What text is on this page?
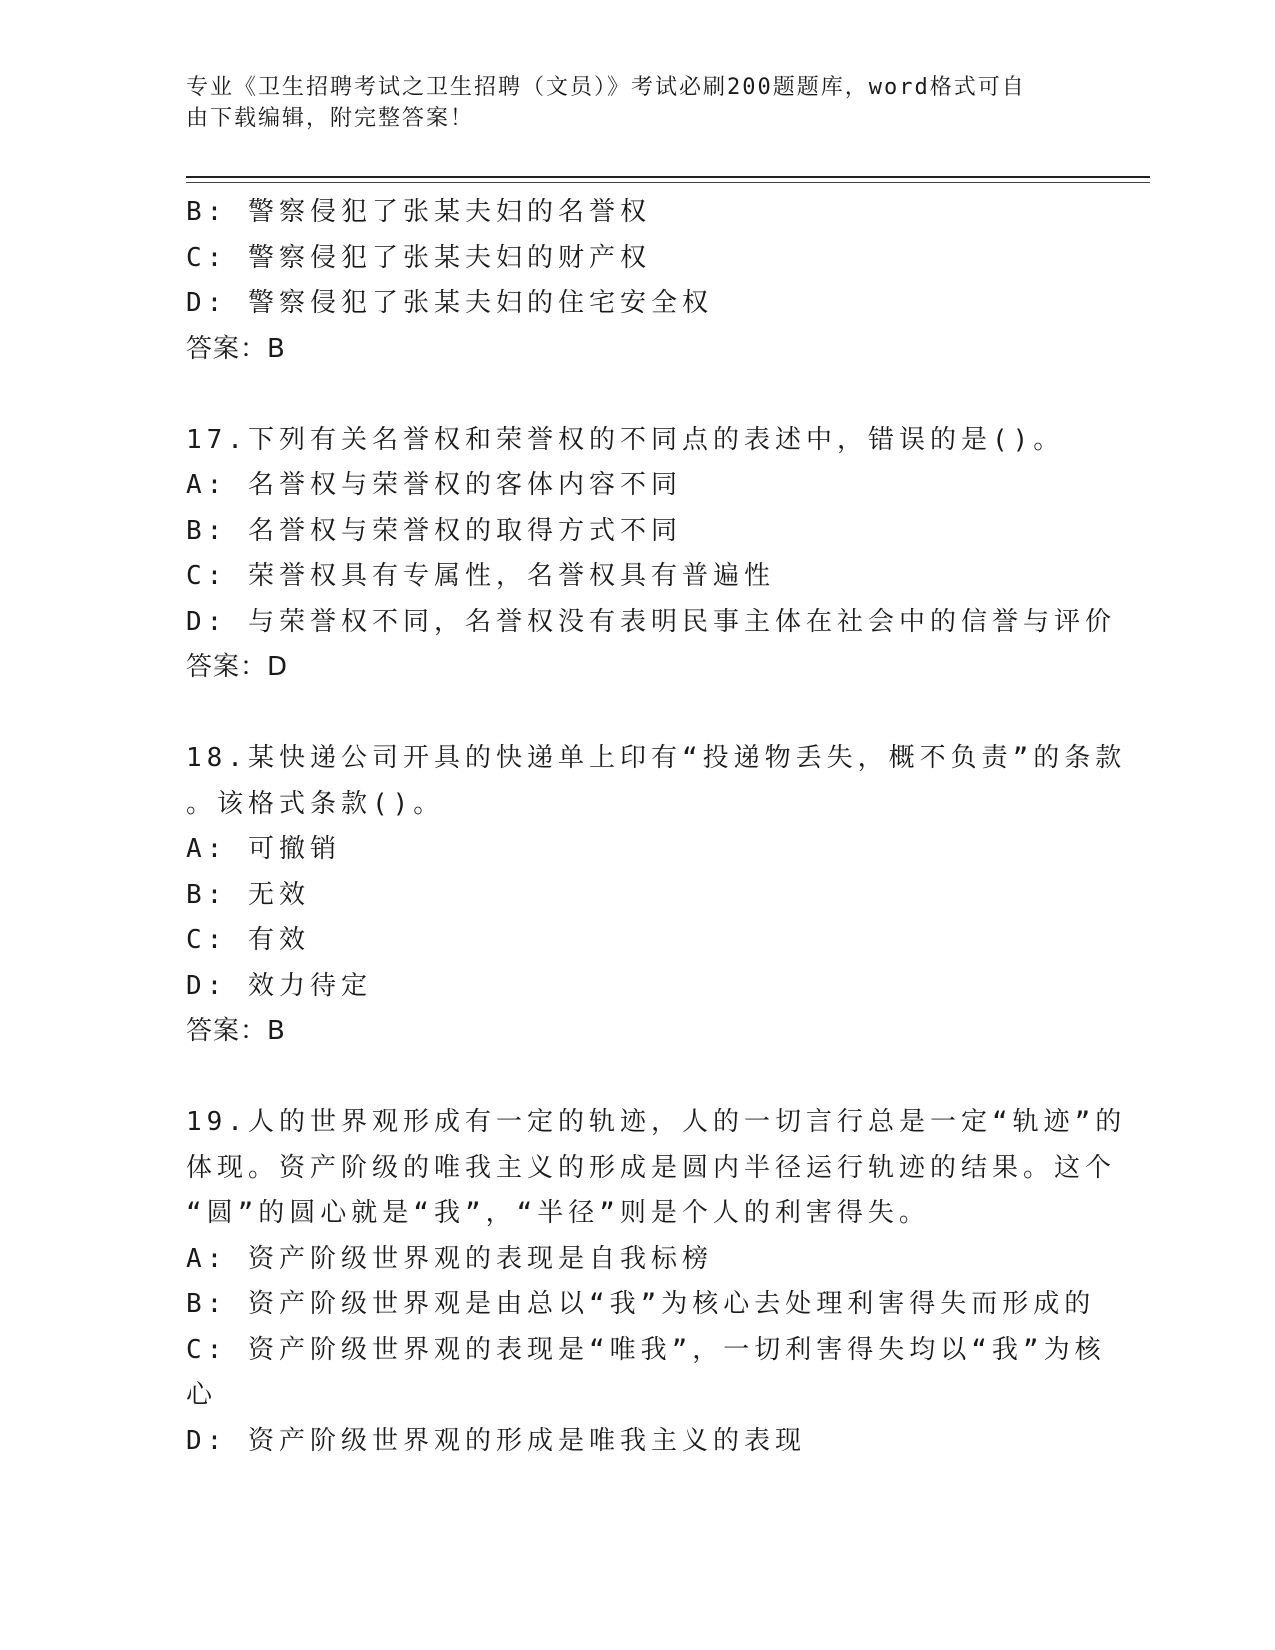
专业《卫生招聘考试之卫生招聘（文员）》考试必刷200题题库，word格式可自
由下载编辑，附完整答案！
B: 警察侵犯了张某夫妇的名誉权
C: 警察侵犯了张某夫妇的财产权
D: 警察侵犯了张某夫妇的住宅安全权
答案：B
17.下列有关名誉权和荣誉权的不同点的表述中，错误的是()。
A: 名誉权与荣誉权的客体内容不同
B: 名誉权与荣誉权的取得方式不同
C: 荣誉权具有专属性，名誉权具有普遍性
D: 与荣誉权不同，名誉权没有表明民事主体在社会中的信誉与评价
答案：D
18.某快递公司开具的快递单上印有“投递物丢失，概不负责”的条款
。该格式条款()。
A: 可撤销
B: 无效
C: 有效
D: 效力待定
答案：B
19.人的世界观形成有一定的轨迹，人的一切言行总是一定“轨迹”的
体现。资产阶级的唯我主义的形成是圆内半径运行轨迹的结果。这个
“圆”的圆心就是“我”，“半径”则是个人的利害得失。
A: 资产阶级世界观的表现是自我标榜
B: 资产阶级世界观是由总以“我”为核心去处理利害得失而形成的
C: 资产阶级世界观的表现是“唯我”，一切利害得失均以“我”为核
心
D: 资产阶级世界观的形成是唯我主义的表现
